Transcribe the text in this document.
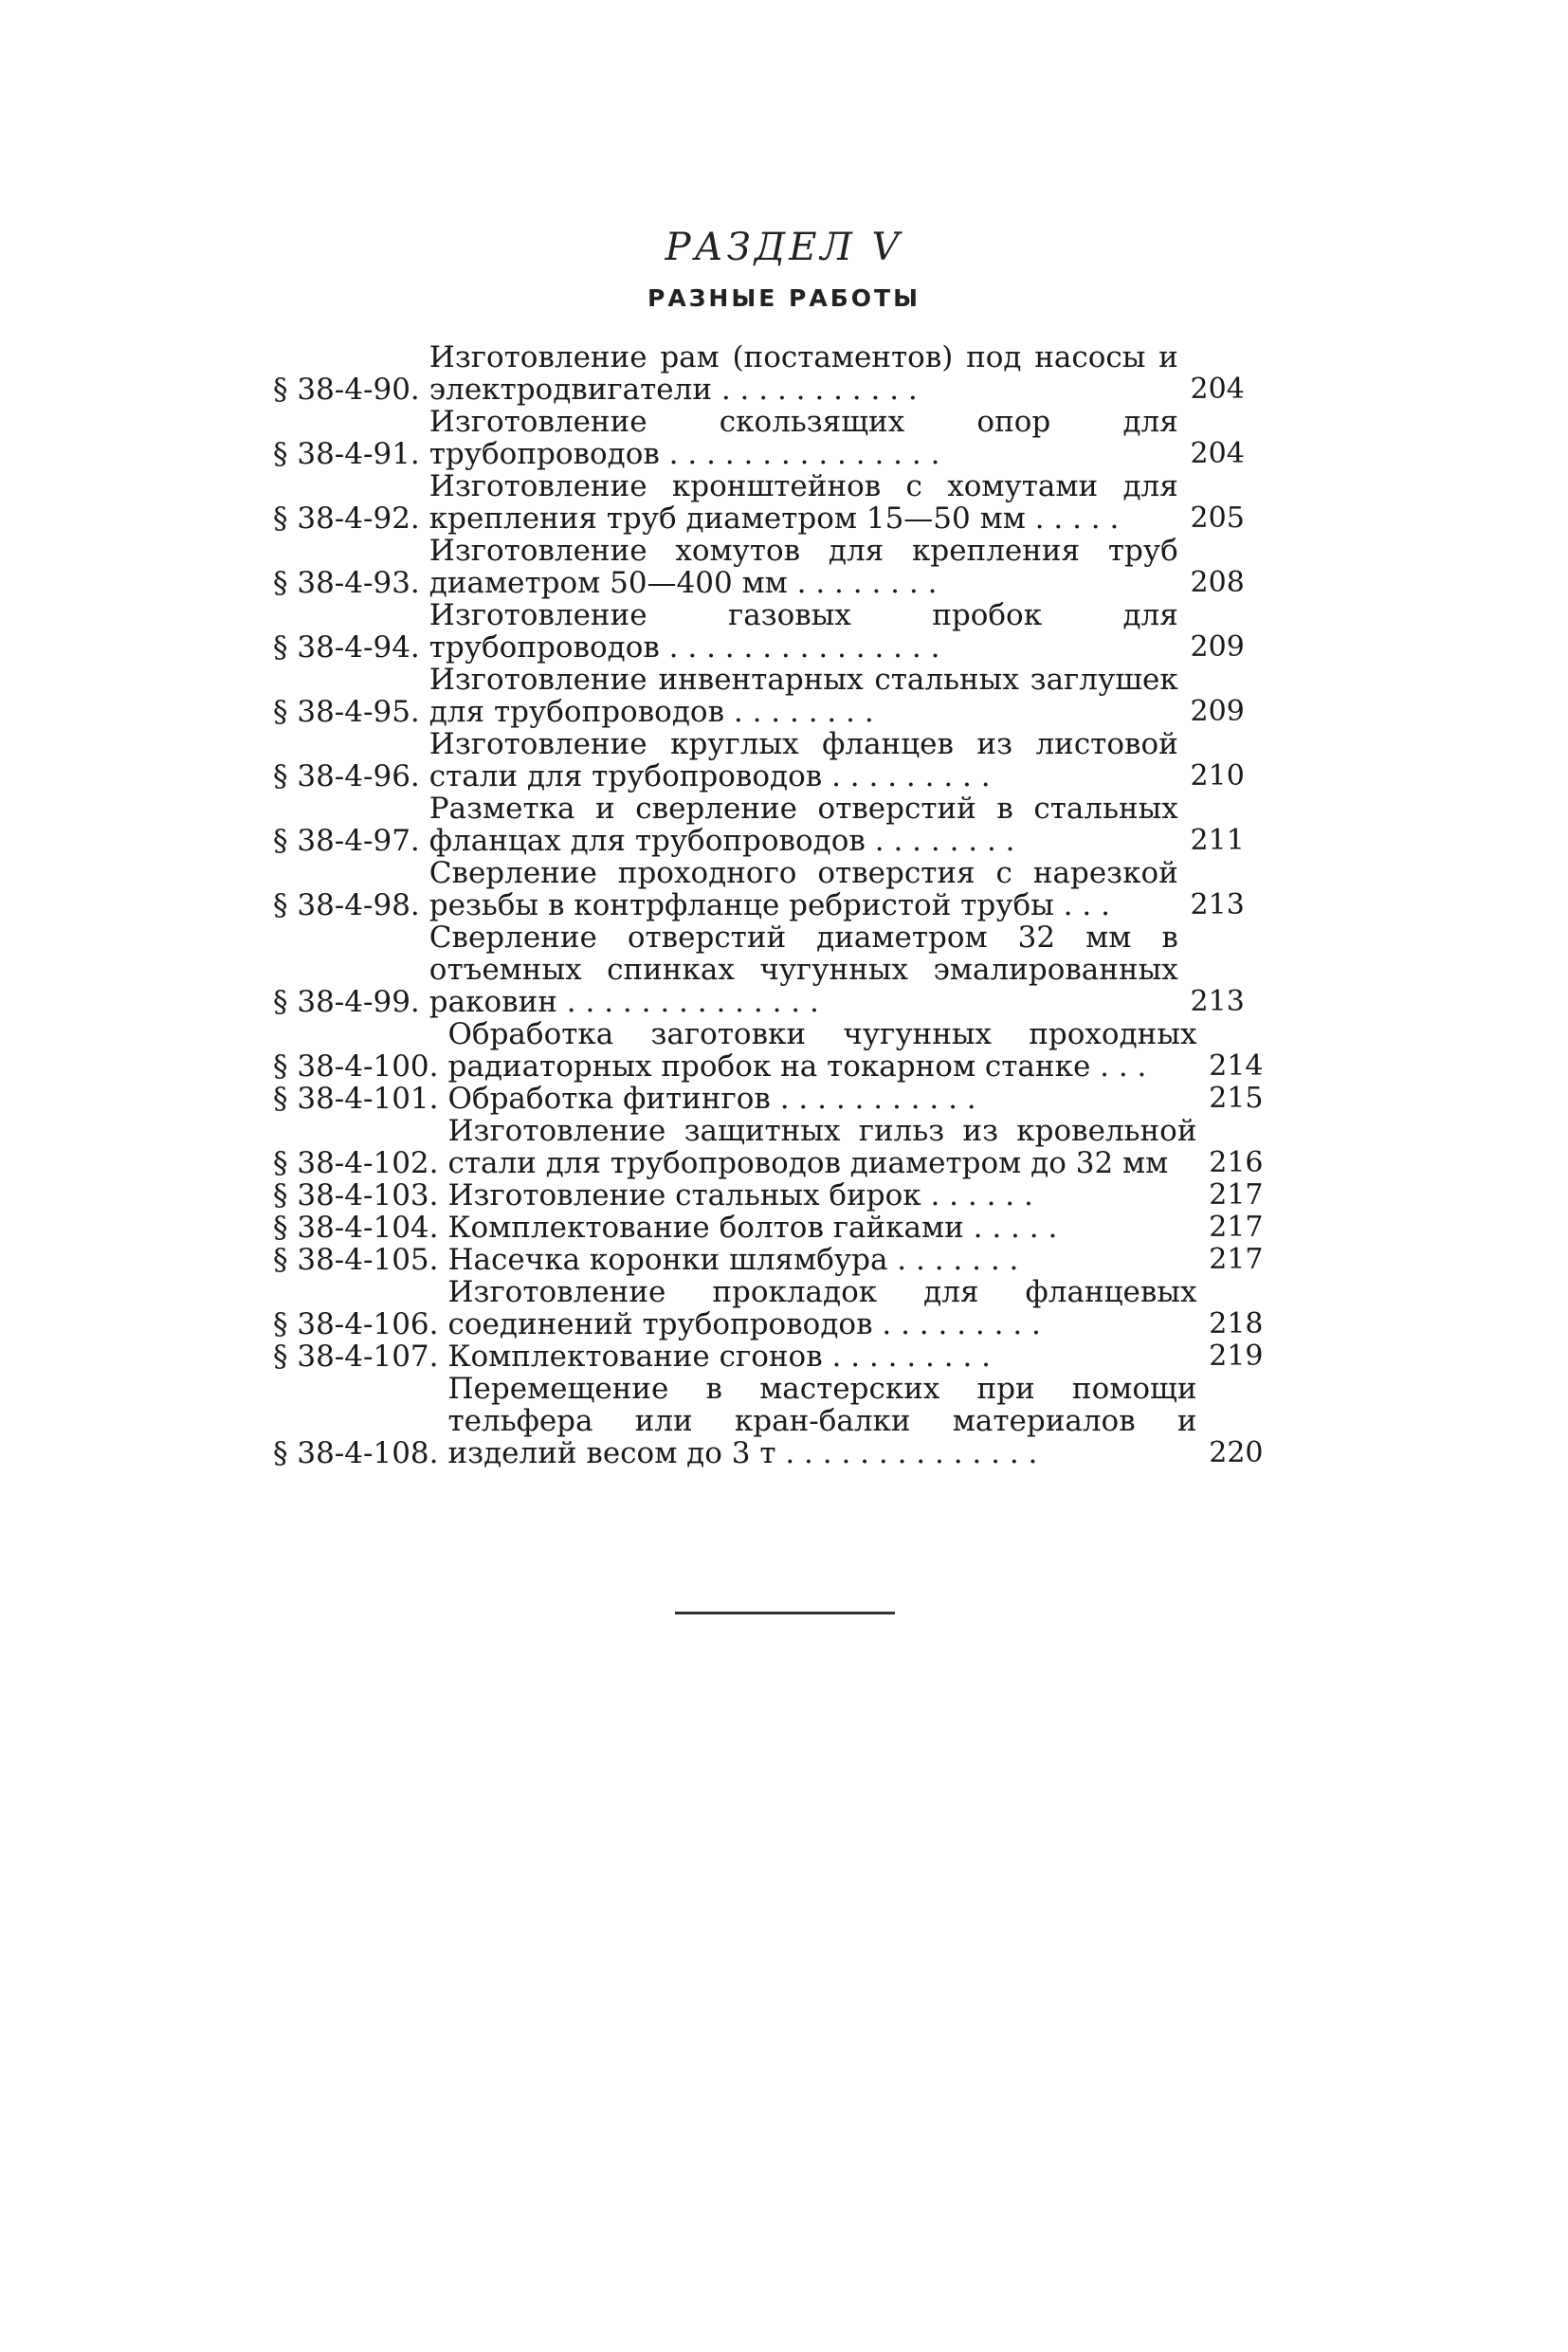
РАЗДЕЛ V
РАЗНЫЕ РАБОТЫ
§ 38-4-90.
Изготовление рам (постаментов) под насосы и электродвигатели . . . . . . . . . . .	204
§ 38-4-91.
Изготовление скользящих опор для трубопроводов . . . . . . . . . . . . . . .	204
§ 38-4-92.
Изготовление кронштейнов с хомутами для крепления труб диаметром 15—50 мм . . . . .	205
§ 38-4-93.
Изготовление хомутов для крепления труб диаметром 50—400 мм . . . . . . . .	208
§ 38-4-94.
Изготовление газовых пробок для трубопроводов . . . . . . . . . . . . . . .	209
§ 38-4-95.
Изготовление инвентарных стальных заглушек для трубопроводов . . . . . . . .	209
§ 38-4-96.
Изготовление круглых фланцев из листовой стали для трубопроводов . . . . . . . . .	210
§ 38-4-97.
Разметка и сверление отверстий в стальных фланцах для трубопроводов . . . . . . . .	211
§ 38-4-98.
Сверление проходного отверстия с нарезкой резьбы в контрфланце ребристой трубы . . .	213
§ 38-4-99.
Сверление отверстий диаметром 32 мм в отъемных спинках чугунных эмалированных раковин . . . . . . . . . . . . . .	213
§ 38-4-100.
Обработка заготовки чугунных проходных радиаторных пробок на токарном станке . . .	214
§ 38-4-101. Обработка фитингов . . . . . . . . . . .	215
§ 38-4-102.
Изготовление защитных гильз из кровельной стали для трубопроводов диаметром до 32 мм	216
§ 38-4-103. Изготовление стальных бирок . . . . . .	217
§ 38-4-104. Комплектование болтов гайками . . . . .	217
§ 38-4-105. Насечка коронки шлямбура . . . . . . .	217
§ 38-4-106.
Изготовление прокладок для фланцевых соединений трубопроводов . . . . . . . . .	218
§ 38-4-107. Комплектование сгонов . . . . . . . . .	219
§ 38-4-108.
Перемещение в мастерских при помощи тельфера или кран-балки материалов и изделий весом до 3 т . . . . . . . . . . . . . .	220
